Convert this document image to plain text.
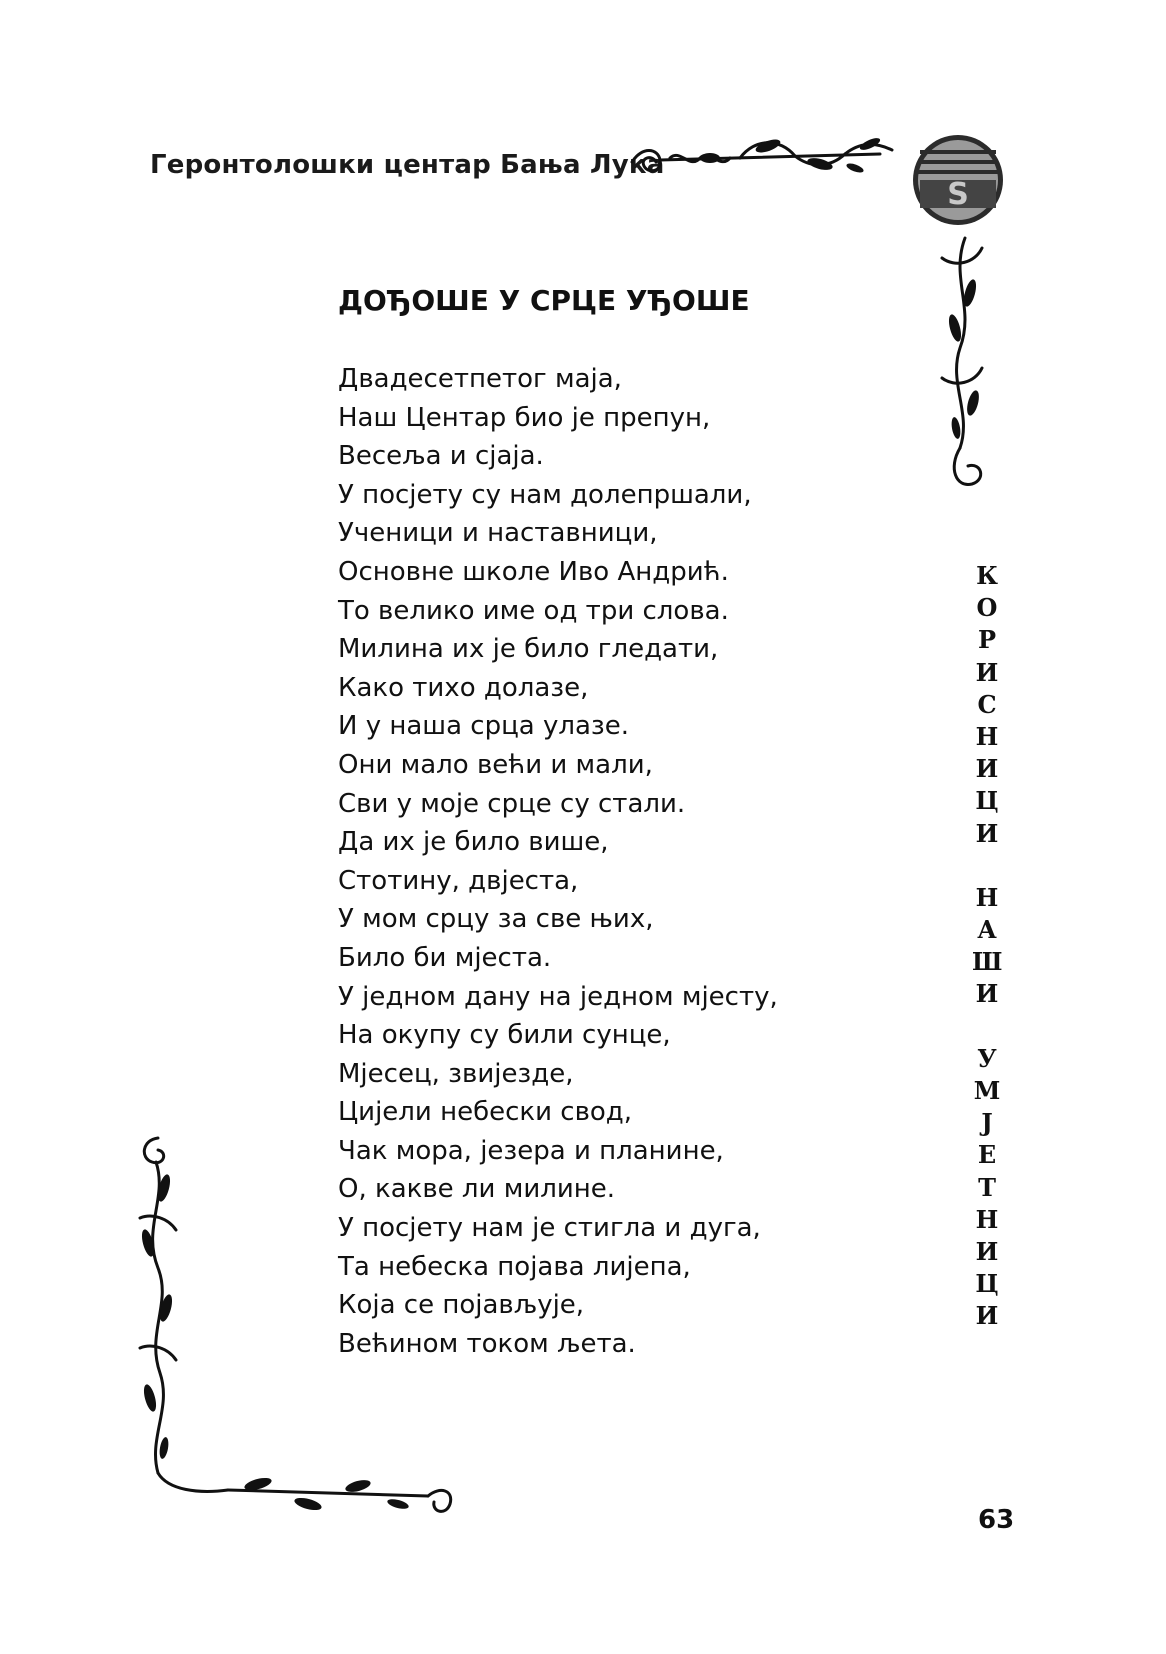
Геронтолошки центар Бања Лука
S
ДОЂОШЕ У СРЦЕ УЂОШЕ
Двадесетпетог маја,
Наш Центар био је препун,
Весеља и сјаја.
У посјету су нам долепршали,
Ученици и наставници,
Основне школе Иво Андрић.
То велико име од три слова.
Милина их је било гледати,
Како тихо долазе,
И у наша срца улазе.
Они мало већи и мали,
Сви у моје срце су стали.
Да их је било више,
Стотину, двјеста,
У мом срцу за све њих,
Било би мјеста.
У једном дану на једном мјесту,
На окупу су били сунце,
Мјесец, звијезде,
Цијели небески свод,
Чак мора, језера и планине,
О, какве ли милине.
У посјету нам је стигла и дуга,
Та небеска појава лијепа,
Која се појављује,
Већином током љета.
К
О
Р
И
С
Н
И
Ц
И
Н
А
Ш
И
У
М
Ј
Е
Т
Н
И
Ц
И
63
